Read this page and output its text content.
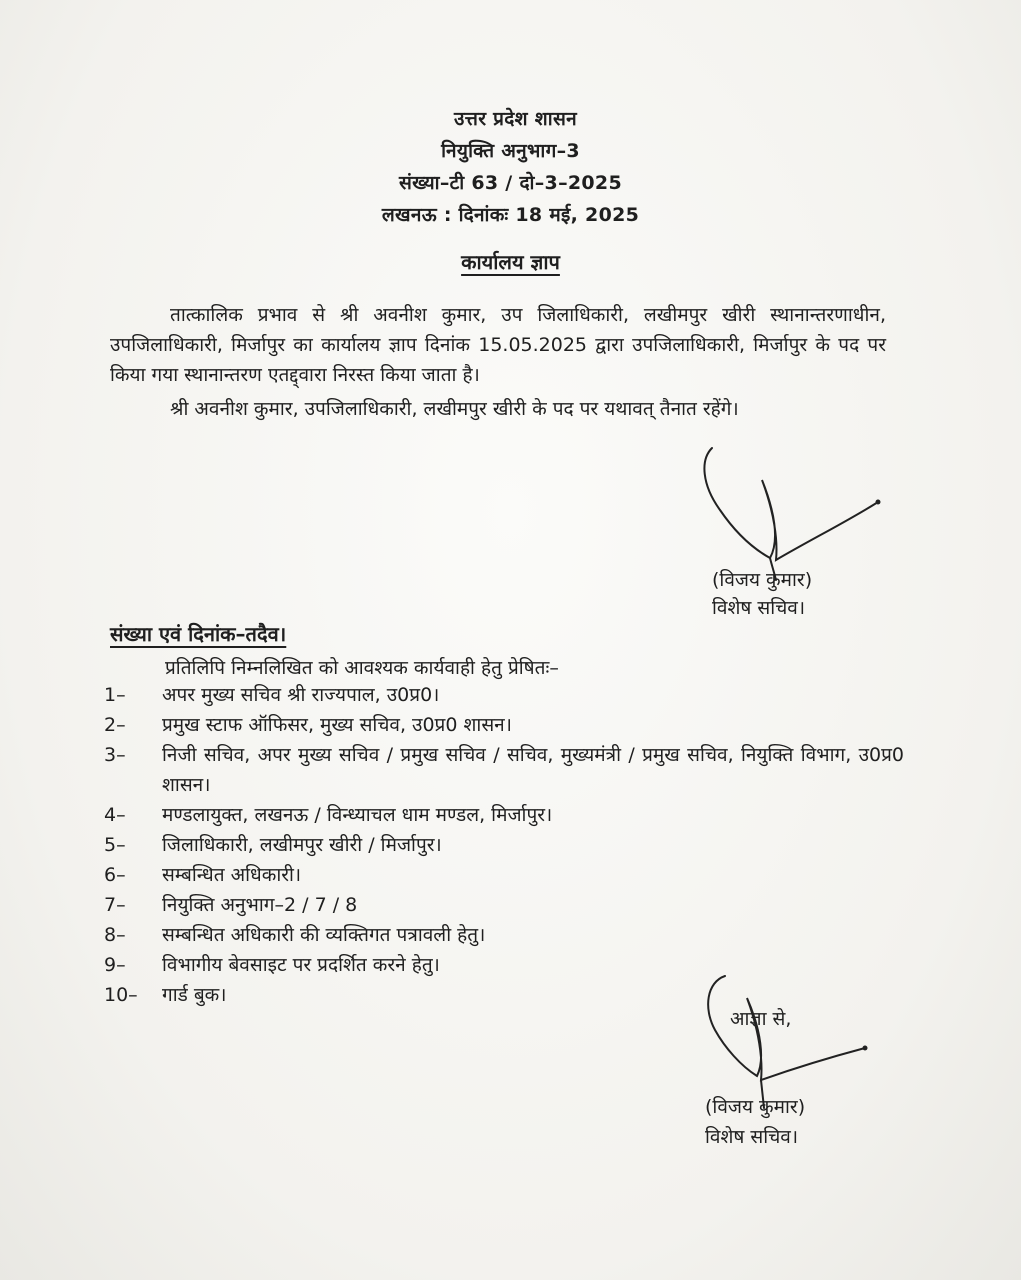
उत्तर प्रदेश शासन
नियुक्ति अनुभाग–3
संख्या–टी 63 / दो–3–2025
लखनऊ : दिनांकः 18 मई, 2025
कार्यालय ज्ञाप

तात्कालिक प्रभाव से श्री अवनीश कुमार, उप जिलाधिकारी, लखीमपुर खीरी स्थानान्तरणाधीन, उपजिलाधिकारी, मिर्जापुर का कार्यालय ज्ञाप दिनांक 15.05.2025 द्वारा उपजिलाधिकारी, मिर्जापुर के पद पर किया गया स्थानान्तरण एतद्द्वारा निरस्त किया जाता है।

श्री अवनीश कुमार, उपजिलाधिकारी, लखीमपुर खीरी के पद पर यथावत् तैनात रहेंगे।

(विजय कुमार)
विशेष सचिव।
संख्या एवं दिनांक–तदैव।
प्रतिलिपि निम्नलिखित को आवश्यक कार्यवाही हेतु प्रेषितः–
1– अपर मुख्य सचिव श्री राज्यपाल, उ0प्र0।
2– प्रमुख स्टाफ ऑफिसर, मुख्य सचिव, उ0प्र0 शासन।
3– निजी सचिव, अपर मुख्य सचिव / प्रमुख सचिव / सचिव, मुख्यमंत्री / प्रमुख सचिव, नियुक्ति विभाग, उ0प्र0 शासन।
4– मण्डलायुक्त, लखनऊ / विन्ध्याचल धाम मण्डल, मिर्जापुर।
5– जिलाधिकारी, लखीमपुर खीरी / मिर्जापुर।
6– सम्बन्धित अधिकारी।
7– नियुक्ति अनुभाग–2 / 7 / 8
8– सम्बन्धित अधिकारी की व्यक्तिगत पत्रावली हेतु।
9– विभागीय बेवसाइट पर प्रदर्शित करने हेतु।
10– गार्ड बुक।
आज्ञा से,
(विजय कुमार)
विशेष सचिव।
